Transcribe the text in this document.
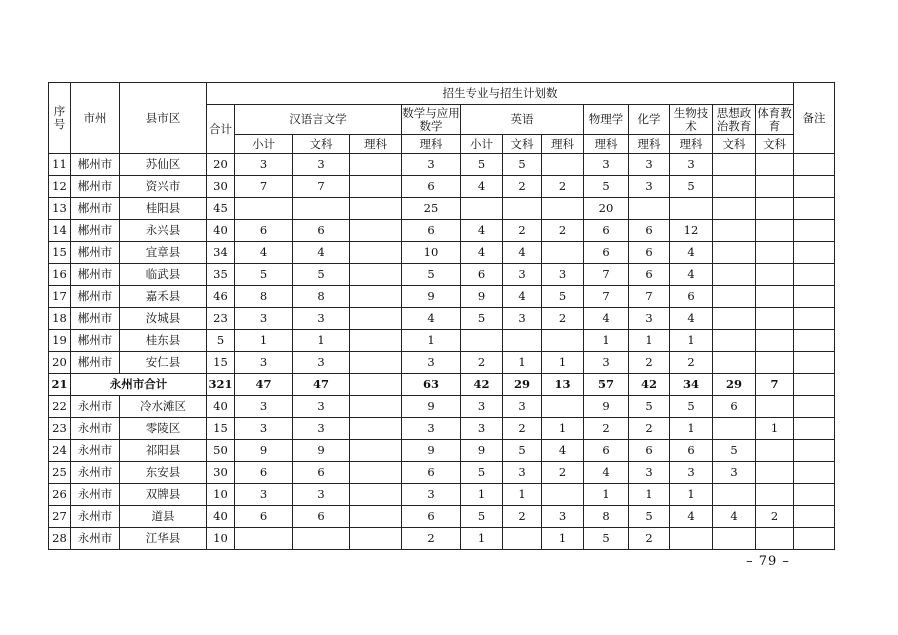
序号	市州	县市区	招生专业与招生计划数													备注
			合计	汉语言文学			数学与应用数学	英语			物理学	化学	生物技术	思想政治教育	体育教育	
				小计	文科	理科	理科	小计	文科	理科	理科	理科	理科	文科	文科	
11	郴州市	苏仙区	20	3	3		3	5	5		3	3	3			
12	郴州市	资兴市	30	7	7		6	4	2	2	5	3	5			
13	郴州市	桂阳县	45				25				20					
14	郴州市	永兴县	40	6	6		6	4	2	2	6	6	12			
15	郴州市	宜章县	34	4	4		10	4	4		6	6	4			
16	郴州市	临武县	35	5	5		5	6	3	3	7	6	4			
17	郴州市	嘉禾县	46	8	8		9	9	4	5	7	7	6			
18	郴州市	汝城县	23	3	3		4	5	3	2	4	3	4			
19	郴州市	桂东县	5	1	1		1				1	1	1			
20	郴州市	安仁县	15	3	3		3	2	1	1	3	2	2			
21	永州市合计		321	47	47		63	42	29	13	57	42	34	29	7	
22	永州市	冷水滩区	40	3	3		9	3	3		9	5	5	6		
23	永州市	零陵区	15	3	3		3	3	2	1	2	2	1		1	
24	永州市	祁阳县	50	9	9		9	9	5	4	6	6	6	5		
25	永州市	东安县	30	6	6		6	5	3	2	4	3	3	3		
26	永州市	双牌县	10	3	3		3	1	1		1	1	1			
27	永州市	道县	40	6	6		6	5	2	3	8	5	4	4	2	
28	永州市	江华县	10				2	1		1	5	2				
– 79 –
